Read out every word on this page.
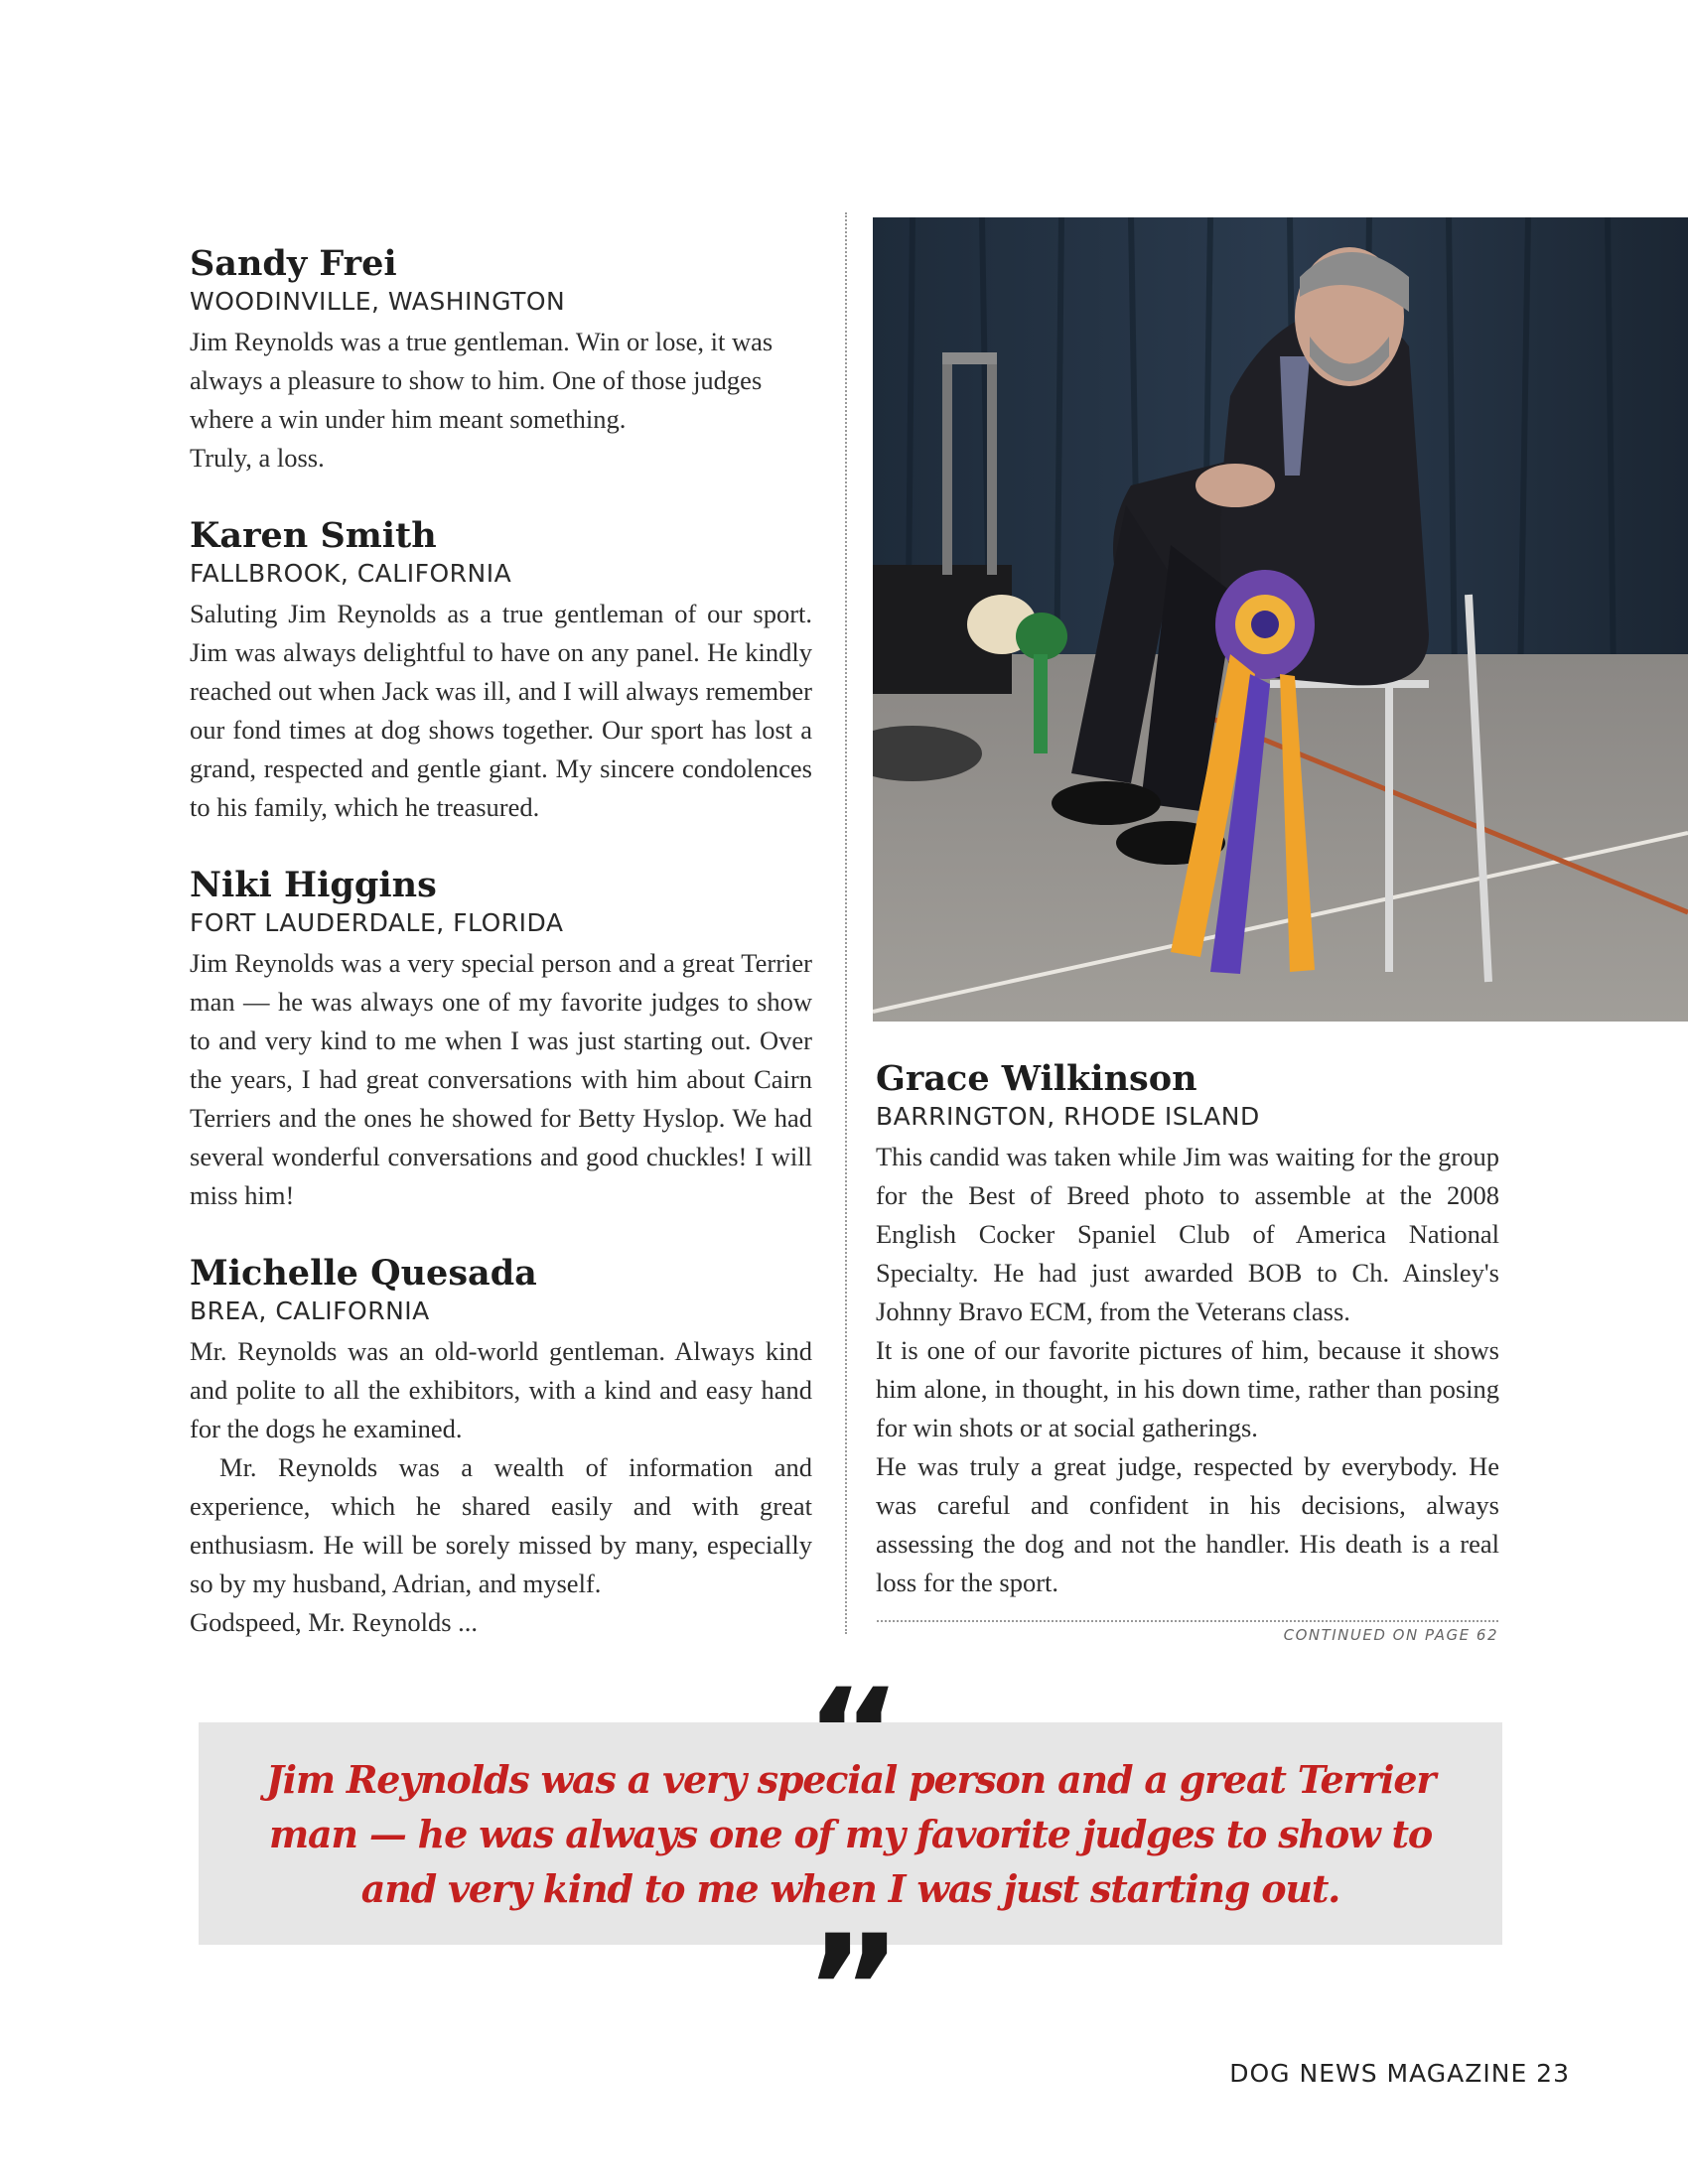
Sandy Frei
WOODINVILLE, WASHINGTON

Jim Reynolds was a true gentleman. Win or lose, it was always a pleasure to show to him. One of those judges where a win under him meant something.

Truly, a loss.

Karen Smith
FALLBROOK, CALIFORNIA

Saluting Jim Reynolds as a true gentleman of our sport. Jim was always delightful to have on any panel. He kindly reached out when Jack was ill, and I will always remember our fond times at dog shows together. Our sport has lost a grand, respected and gentle giant. My sincere condolences to his family, which he treasured.

Niki Higgins
FORT LAUDERDALE, FLORIDA

Jim Reynolds was a very special person and a great Terrier man — he was always one of my favorite judges to show to and very kind to me when I was just starting out. Over the years, I had great conversations with him about Cairn Terriers and the ones he showed for Betty Hyslop. We had several wonderful conversations and good chuckles! I will miss him!

Michelle Quesada
BREA, CALIFORNIA

Mr. Reynolds was an old-world gentleman. Always kind and polite to all the exhibitors, with a kind and easy hand for the dogs he examined.

Mr. Reynolds was a wealth of information and experience, which he shared easily and with great enthusiasm. He will be sorely missed by many, especially so by my husband, Adrian, and myself.

Godspeed, Mr. Reynolds ...

Grace Wilkinson
BARRINGTON, RHODE ISLAND

This candid was taken while Jim was waiting for the group for the Best of Breed photo to assemble at the 2008 English Cocker Spaniel Club of America National Specialty. He had just awarded BOB to Ch. Ainsley's Johnny Bravo ECM, from the Veterans class.

It is one of our favorite pictures of him, because it shows him alone, in thought, in his down time, rather than posing for win shots or at social gatherings.

He was truly a great judge, respected by everybody. He was careful and confident in his decisions, always assessing the dog and not the handler. His death is a real loss for the sport.

CONTINUED ON PAGE 62

Jim Reynolds was a very special person and a great Terrier man — he was always one of my favorite judges to show to and very kind to me when I was just starting out.

”	DOG NEWS MAGAZINE 23
